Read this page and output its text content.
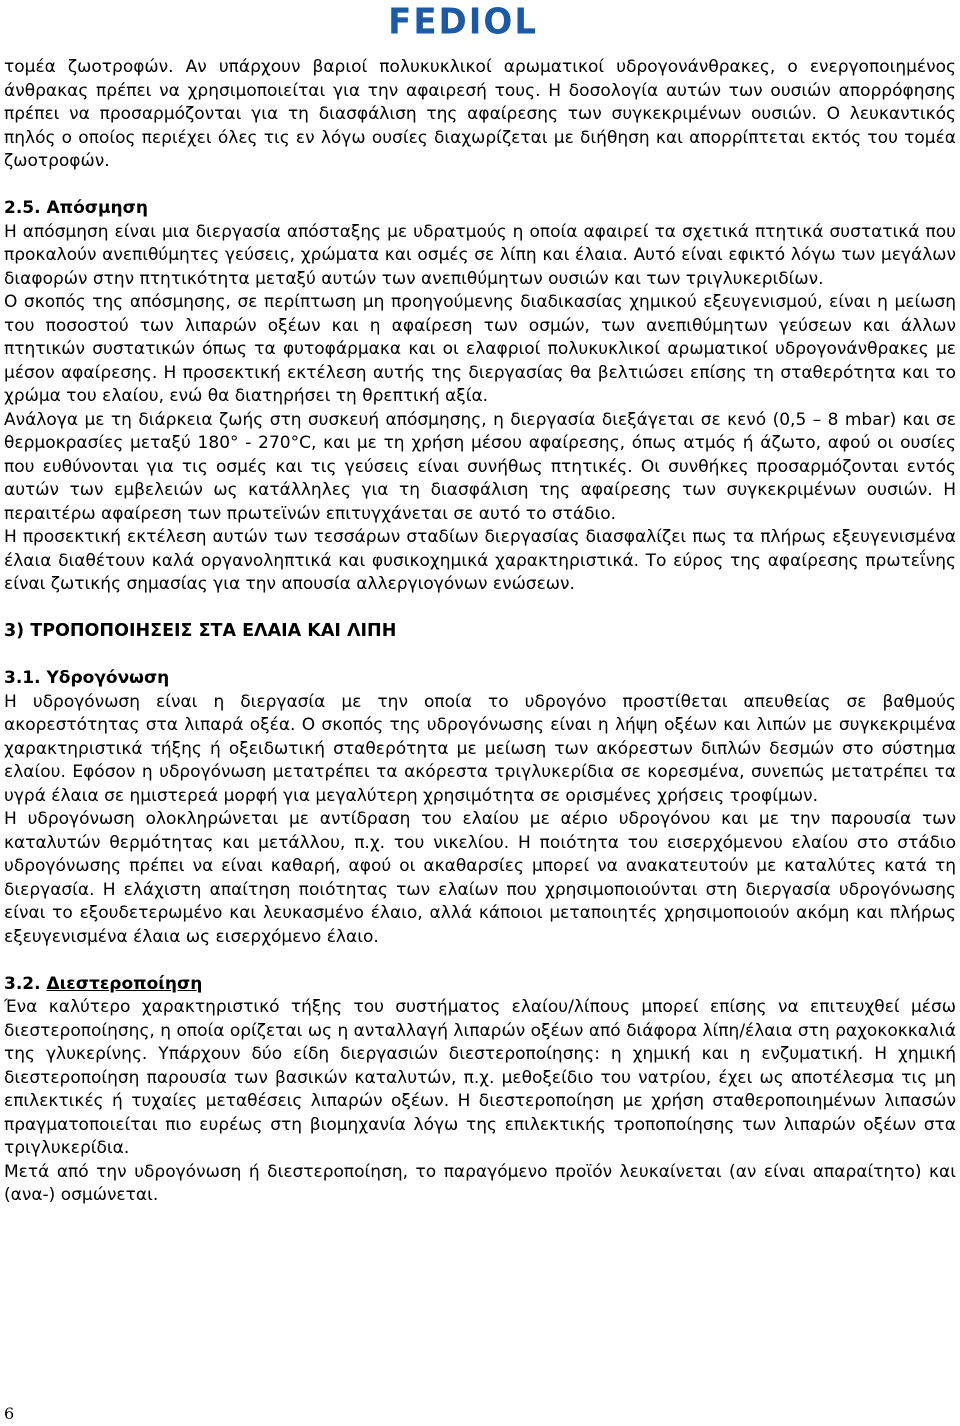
FEDIOL

τομέα ζωοτροφών. Αν υπάρχουν βαριοί πολυκυκλικοί αρωματικοί υδρογονάνθρακες, ο ενεργοποιημένος άνθρακας πρέπει να χρησιμοποιείται για την αφαιρεσή τους. Η δοσολογία αυτών των ουσιών απορρόφησης πρέπει να προσαρμόζονται για τη διασφάλιση της αφαίρεσης των συγκεκριμένων ουσιών. Ο λευκαντικός πηλός ο οποίος περιέχει όλες τις εν λόγω ουσίες διαχωρίζεται με διήθηση και απορρίπτεται εκτός του τομέα ζωοτροφών.

2.5. Απόσμηση

Η απόσμηση είναι μια διεργασία απόσταξης με υδρατμούς η οποία αφαιρεί τα σχετικά πτητικά συστατικά που προκαλούν ανεπιθύμητες γεύσεις, χρώματα και οσμές σε λίπη και έλαια. Αυτό είναι εφικτό λόγω των μεγάλων διαφορών στην πτητικότητα μεταξύ αυτών των ανεπιθύμητων ουσιών και των τριγλυκεριδίων.

Ο σκοπός της απόσμησης, σε περίπτωση μη προηγούμενης διαδικασίας χημικού εξευγενισμού, είναι η μείωση του ποσοστού των λιπαρών οξέων και η αφαίρεση των οσμών, των ανεπιθύμητων γεύσεων και άλλων πτητικών συστατικών όπως τα φυτοφάρμακα και οι ελαφριοί πολυκυκλικοί αρωματικοί υδρογονάνθρακες με μέσον αφαίρεσης. Η προσεκτική εκτέλεση αυτής της διεργασίας θα βελτιώσει επίσης τη σταθερότητα και το χρώμα του ελαίου, ενώ θα διατηρήσει τη θρεπτική αξία.

Ανάλογα με τη διάρκεια ζωής στη συσκευή απόσμησης, η διεργασία διεξάγεται σε κενό (0,5 – 8 mbar) και σε θερμοκρασίες μεταξύ 180° - 270°C, και με τη χρήση μέσου αφαίρεσης, όπως ατμός ή άζωτο, αφού οι ουσίες που ευθύνονται για τις οσμές και τις γεύσεις είναι συνήθως πτητικές. Οι συνθήκες προσαρμόζονται εντός αυτών των εμβελειών ως κατάλληλες για τη διασφάλιση της αφαίρεσης των συγκεκριμένων ουσιών. Η περαιτέρω αφαίρεση των πρωτεϊνών επιτυγχάνεται σε αυτό το στάδιο.

Η προσεκτική εκτέλεση αυτών των τεσσάρων σταδίων διεργασίας διασφαλίζει πως τα πλήρως εξευγενισμένα έλαια διαθέτουν καλά οργανοληπτικά και φυσικοχημικά χαρακτηριστικά. Το εύρος της αφαίρεσης πρωτεΐνης είναι ζωτικής σημασίας για την απουσία αλλεργιογόνων ενώσεων.

3) ΤΡΟΠΟΠΟΙΗΣΕΙΣ ΣΤΑ ΕΛΑΙΑ ΚΑΙ ΛΙΠΗ
3.1. Υδρογόνωση

Η υδρογόνωση είναι η διεργασία με την οποία το υδρογόνο προστίθεται απευθείας σε βαθμούς ακορεστότητας στα λιπαρά οξέα. Ο σκοπός της υδρογόνωσης είναι η λήψη οξέων και λιπών με συγκεκριμένα χαρακτηριστικά τήξης ή οξειδωτική σταθερότητα με μείωση των ακόρεστων διπλών δεσμών στο σύστημα ελαίου. Εφόσον η υδρογόνωση μετατρέπει τα ακόρεστα τριγλυκερίδια σε κορεσμένα, συνεπώς μετατρέπει τα υγρά έλαια σε ημιστερεά μορφή για μεγαλύτερη χρησιμότητα σε ορισμένες χρήσεις τροφίμων.

Η υδρογόνωση ολοκληρώνεται με αντίδραση του ελαίου με αέριο υδρογόνου και με την παρουσία των καταλυτών θερμότητας και μετάλλου, π.χ. του νικελίου. Η ποιότητα του εισερχόμενου ελαίου στο στάδιο υδρογόνωσης πρέπει να είναι καθαρή, αφού οι ακαθαρσίες μπορεί να ανακατευτούν με καταλύτες κατά τη διεργασία. Η ελάχιστη απαίτηση ποιότητας των ελαίων που χρησιμοποιούνται στη διεργασία υδρογόνωσης είναι το εξουδετερωμένο και λευκασμένο έλαιο, αλλά κάποιοι μεταποιητές χρησιμοποιούν ακόμη και πλήρως εξευγενισμένα έλαια ως εισερχόμενο έλαιο.

3.2. Διεστεροποίηση

Ένα καλύτερο χαρακτηριστικό τήξης του συστήματος ελαίου/λίπους μπορεί επίσης να επιτευχθεί μέσω διεστεροποίησης, η οποία ορίζεται ως η ανταλλαγή λιπαρών οξέων από διάφορα λίπη/έλαια στη ραχοκοκκαλιά της γλυκερίνης. Υπάρχουν δύο είδη διεργασιών διεστεροποίησης: η χημική και η ενζυματική. Η χημική διεστεροποίηση παρουσία των βασικών καταλυτών, π.χ. μεθοξείδιο του νατρίου, έχει ως αποτέλεσμα τις μη επιλεκτικές ή τυχαίες μεταθέσεις λιπαρών οξέων. Η διεστεροποίηση με χρήση σταθεροποιημένων λιπασών πραγματοποιείται πιο ευρέως στη βιομηχανία λόγω της επιλεκτικής τροποποίησης των λιπαρών οξέων στα τριγλυκερίδια.

Μετά από την υδρογόνωση ή διεστεροποίηση, το παραγόμενο προϊόν λευκαίνεται (αν είναι απαραίτητο) και (ανα-) οσμώνεται.

6
